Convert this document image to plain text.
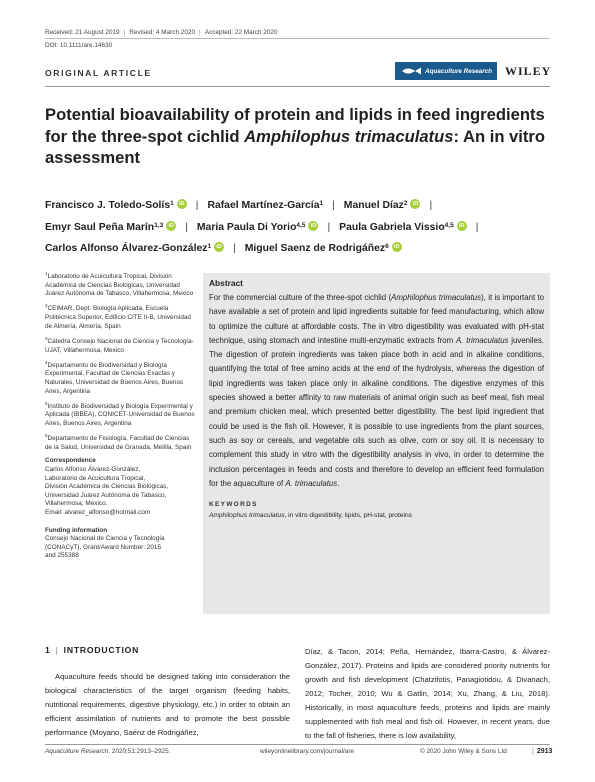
Received: 21 August 2019 | Revised: 4 March 2020 | Accepted: 22 March 2020
DOI: 10.1111/are.14630
ORIGINAL ARTICLE	Aquaculture Research WILEY
Potential bioavailability of protein and lipids in feed ingredients for the three-spot cichlid Amphilophus trimaculatus: An in vitro assessment
Francisco J. Toledo-Solís$^1$ iD | Rafael Martínez-García$^1$ | Manuel Díaz$^2$ iD |
Emyr Saul Peña Marín$^{1,3}$ iD | Maria Paula Di Yorio$^{4,5}$ iD | Paula Gabriela Vissio$^{4,5}$ iD |
Carlos Alfonso Álvarez-González$^1$ iD | Miguel Saenz de Rodrigáñez$^6$ iD

$^1$Laboratorio de Acuicultura Tropical, División Académica de Ciencias Biológicas, Universidad Juárez Autónoma de Tabasco, Villahermosa, Mexico

$^2$CEIMAR, Dept. Biología Aplicada, Escuela Politécnica Superior, Edificio CITE II-B, Universidad de Almería, Almería, Spain

$^3$Cátedra Consejo Nacional de Ciencia y Tecnología-UJAT, Villahermosa, Mexico

$^4$Departamento de Biodiversidad y Biología Experimental, Facultad de Ciencias Exactas y Naturales, Universidad de Buenos Aires, Buenos Aires, Argentina

$^5$Instituto de Biodiversidad y Biología Experimental y Aplicada (IBBEA), CONICET-Universidad de Buenos Aires, Buenos Aires, Argentina

$^6$Departamento de Fisiología, Facultad de Ciencias de la Salud, Universidad de Granada, Melilla, Spain

Correspondence
Carlos Alfonso Álvarez-González,
Laboratorio de Acuicultura Tropical,
División Académica de Ciencias Biológicas,
Universidad Juárez Autónoma de Tabasco,
Villahermosa, Mexico.
Email: alvarez_alfonso@hotmail.com
Funding information
Consejo Nacional de Ciencia y Tecnología
(CONACyT), Grant/Award Number: 2015
and 255388
Abstract

For the commercial culture of the three-spot cichlid (Amphilophus trimaculatus), it is important to have available a set of protein and lipid ingredients suitable for feed manufacturing, which allow to optimize the culture at affordable costs. The in vitro digestibility was evaluated with pH-stat technique, using stomach and intestine multi-enzymatic extracts from A. trimaculatus juveniles. The digestion of protein ingredients was taken place both in acid and in alkaline conditions, quantifying the total of free amino acids at the end of the hydrolysis, whereas the digestion of lipid ingredients was taken place only in alkaline conditions. The digestive enzymes of this species showed a better affinity to raw materials of animal origin such as beef meal, fish meal and premium chicken meal, which presented better digestibility. The best lipid ingredient that could be used is the fish oil. However, it is possible to use ingredients from the plant sources, such as soy or cereals, and vegetable oils such as olive, corn or soy oil. It is necessary to complement this study in vitro with the digestibility analysis in vivo, in order to determine the inclusion percentages in feeds and costs and therefore to develop an efficient feed formulation for the aquaculture of A. trimaculatus.

KEYWORDS
Amphilophus trimaculatus, in vitro digestibility, lipids, pH-stat, proteins
1 | INTRODUCTION

Aquaculture feeds should be designed taking into consideration the biological characteristics of the target organism (feeding habits, nutritional requirements, digestive physiology, etc.) in order to obtain an efficient assimilation of nutrients and to promote the best possible performance (Moyano, Saénz de Rodrigáñez,

Díaz, & Tacon, 2014; Peña, Hernández, Ibarra-Castro, & Álvarez-González, 2017). Proteins and lipids are considered priority nutrients for growth and fish development (Chatzifotis, Panagiotidou, & Divanach, 2012; Tocher, 2010; Wu & Gatlin, 2014; Xu, Zhang, & Liu, 2018). Historically, in most aquaculture feeds, proteins and lipids are mainly supplemented with fish meal and fish oil. However, in recent years, due to the fall of fisheries, there is low availability,

Aquaculture Research. 2020;51:2913–2925.	wileyonlinelibrary.com/journal/are	© 2020 John Wiley & Sons Ltd	| 2913
